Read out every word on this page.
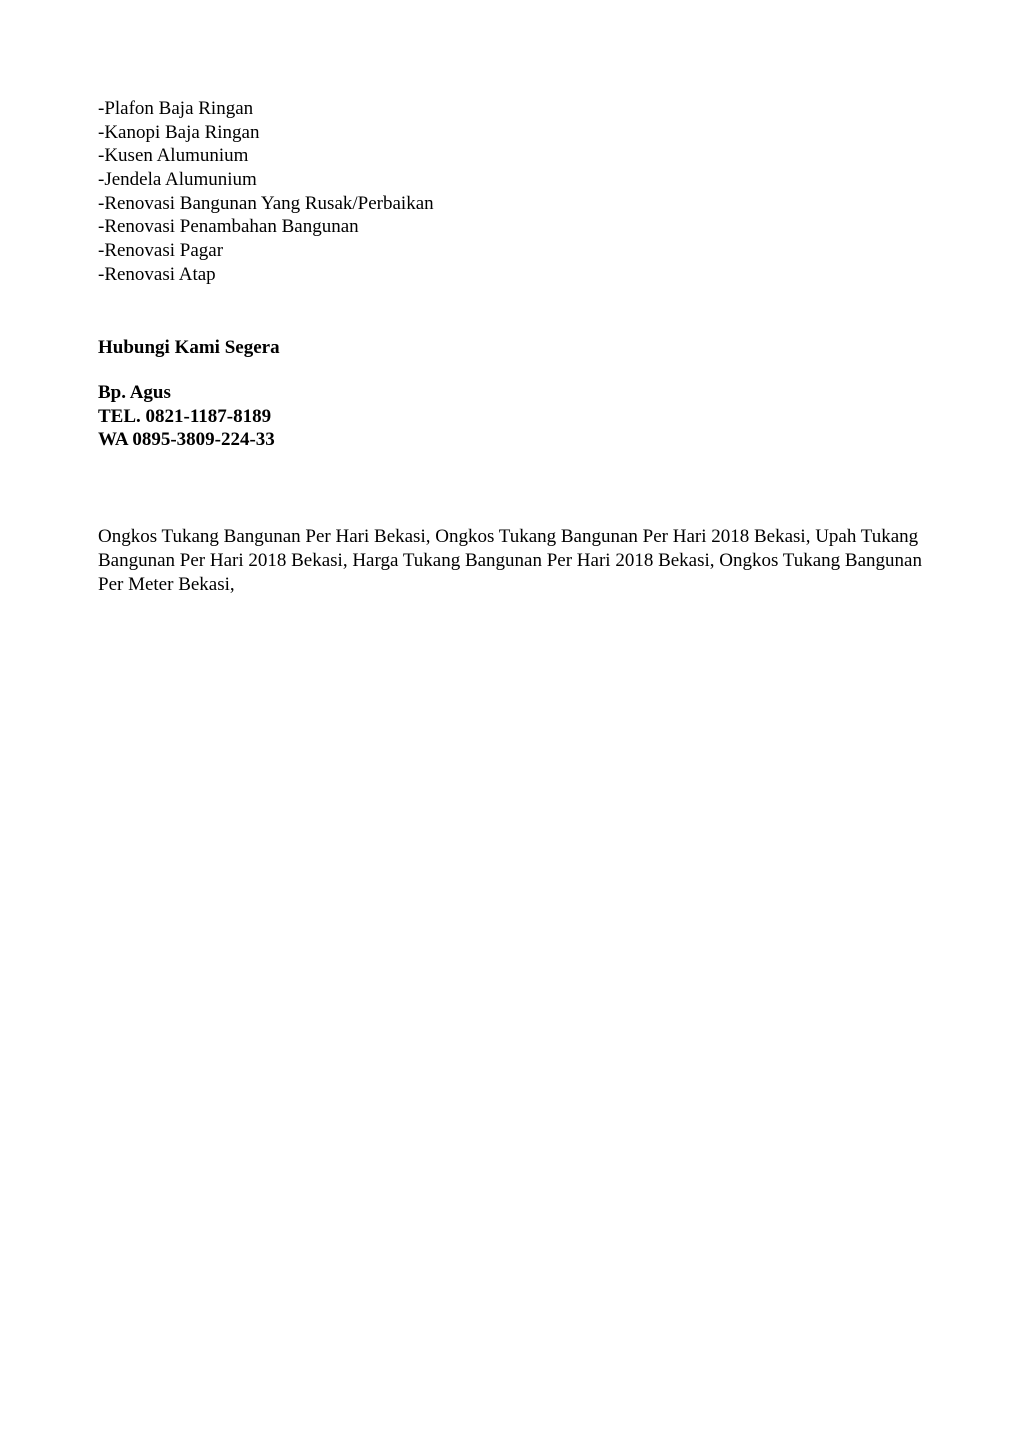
-Plafon Baja Ringan
-Kanopi Baja Ringan
-Kusen Alumunium
-Jendela Alumunium
-Renovasi Bangunan Yang Rusak/Perbaikan
-Renovasi Penambahan Bangunan
-Renovasi Pagar
-Renovasi Atap
Hubungi Kami Segera
Bp. Agus
TEL. 0821-1187-8189
WA 0895-3809-224-33

Ongkos Tukang Bangunan Per Hari Bekasi, Ongkos Tukang Bangunan Per Hari 2018 Bekasi, Upah Tukang Bangunan Per Hari 2018 Bekasi, Harga Tukang Bangunan Per Hari 2018 Bekasi, Ongkos Tukang Bangunan Per Meter Bekasi,
